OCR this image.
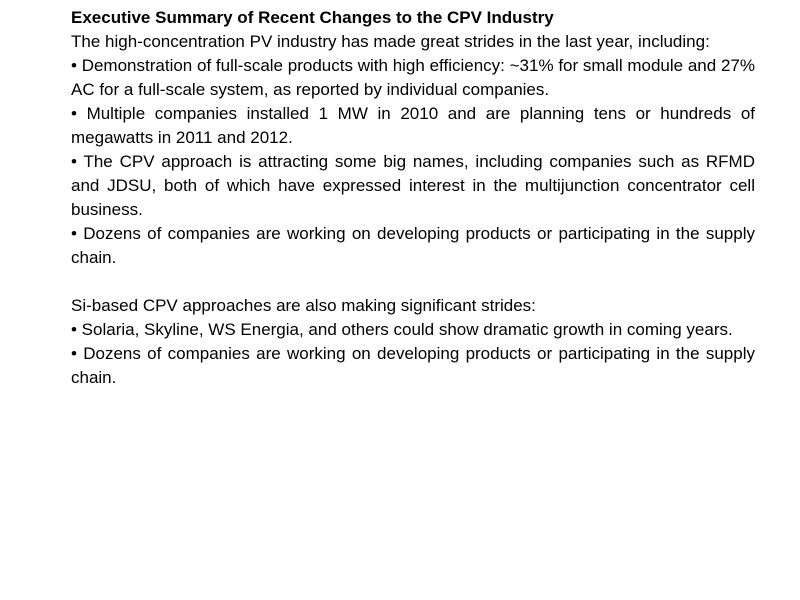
Executive Summary of Recent Changes to the CPV Industry

The high-concentration PV industry has made great strides in the last year, including:

• Demonstration of full-scale products with high efficiency: ~31% for small module and 27% AC for a full-scale system, as reported by individual companies.

• Multiple companies installed 1 MW in 2010 and are planning tens or hundreds of megawatts in 2011 and 2012.

• The CPV approach is attracting some big names, including companies such as RFMD and JDSU, both of which have expressed interest in the multijunction concentrator cell business.

• Dozens of companies are working on developing products or participating in the supply chain.

Si-based CPV approaches are also making significant strides:

• Solaria, Skyline, WS Energia, and others could show dramatic growth in coming years.

• Dozens of companies are working on developing products or participating in the supply chain.
